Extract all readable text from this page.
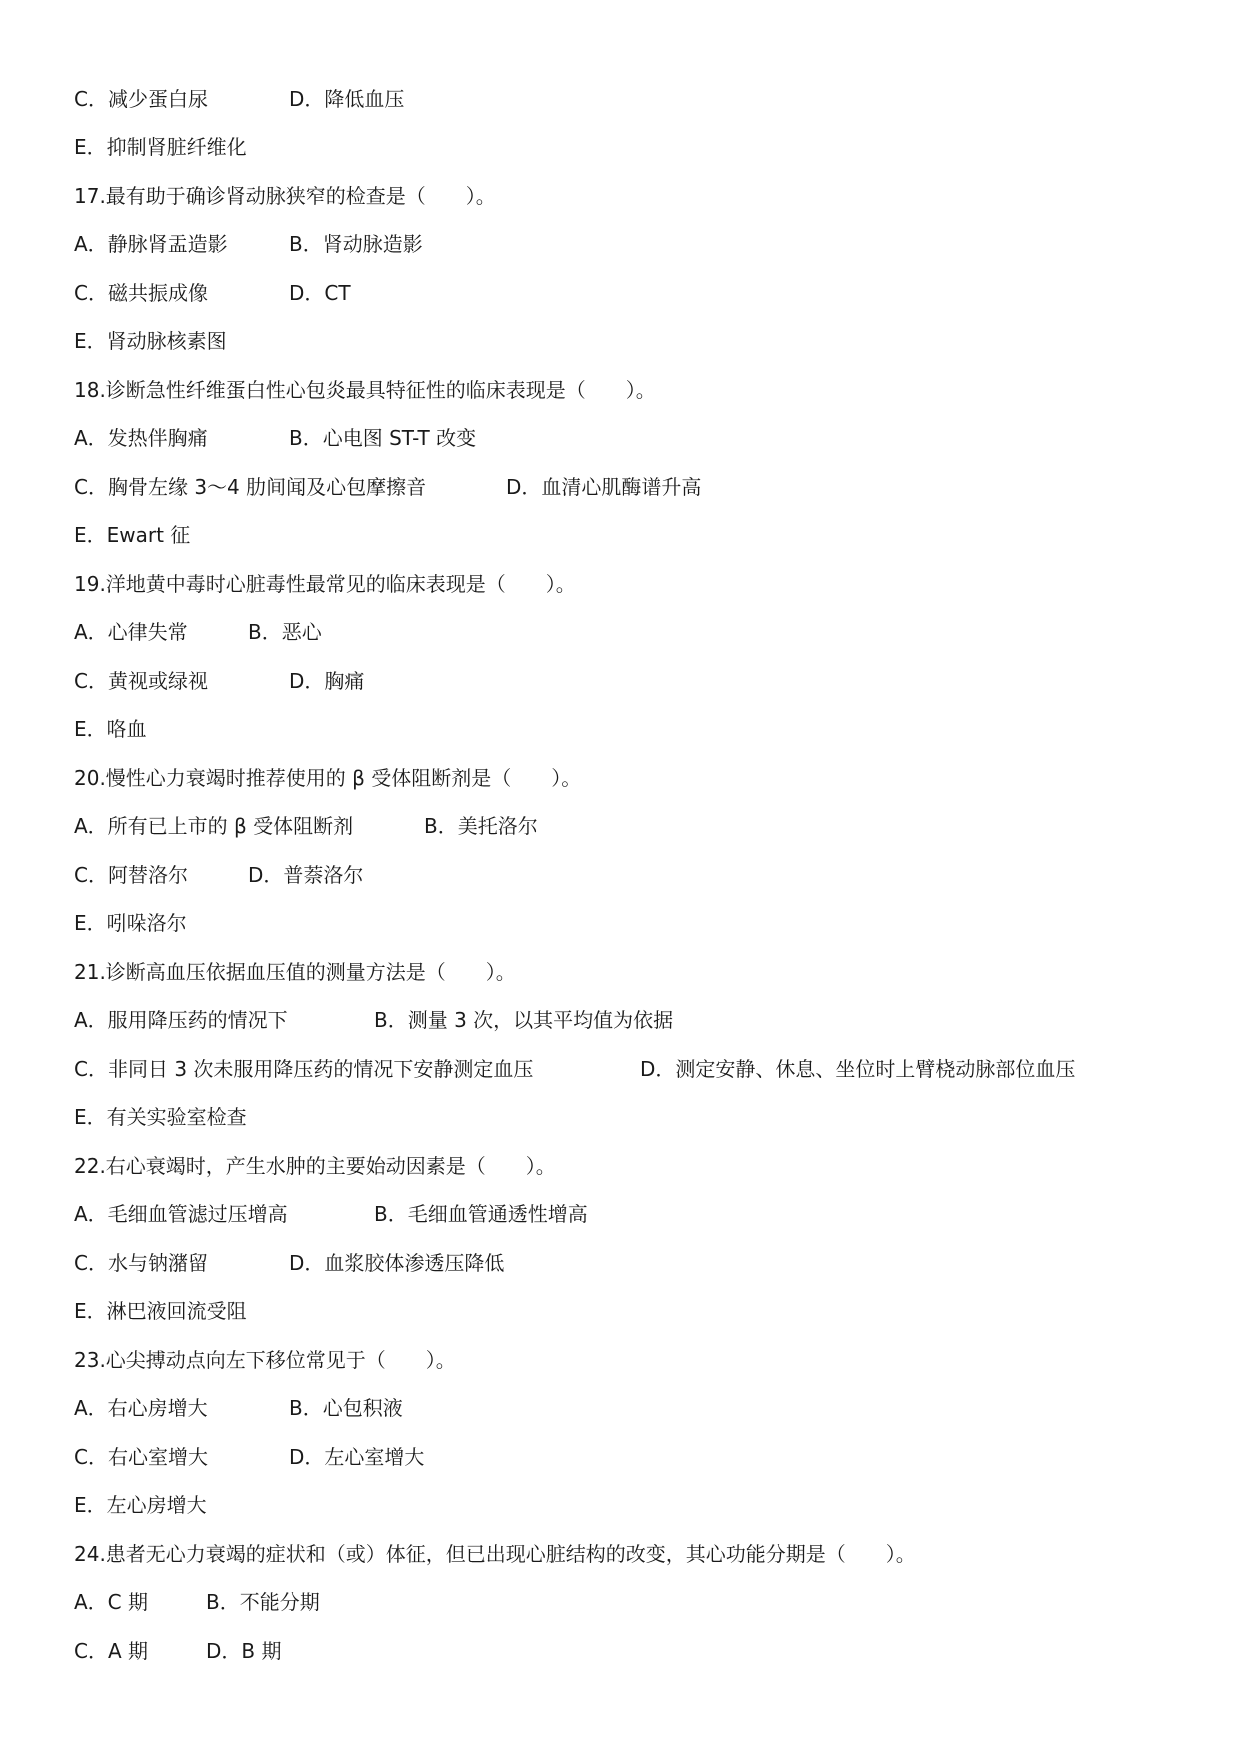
C．减少蛋白尿	D．降低血压
E．抑制肾脏纤维化
17.最有助于确诊肾动脉狭窄的检查是（　　）。
A．静脉肾盂造影	B．肾动脉造影
C．磁共振成像	D．CT
E．肾动脉核素图
18.诊断急性纤维蛋白性心包炎最具特征性的临床表现是（　　）。
A．发热伴胸痛	B．心电图 ST-T 改变
C．胸骨左缘 3～4 肋间闻及心包摩擦音	D．血清心肌酶谱升高
E．Ewart 征
19.洋地黄中毒时心脏毒性最常见的临床表现是（　　）。
A．心律失常	B．恶心
C．黄视或绿视	D．胸痛
E．咯血
20.慢性心力衰竭时推荐使用的 β 受体阻断剂是（　　）。
A．所有已上市的 β 受体阻断剂	B．美托洛尔
C．阿替洛尔	D．普萘洛尔
E．吲哚洛尔
21.诊断高血压依据血压值的测量方法是（　　）。
A．服用降压药的情况下	B．测量 3 次，以其平均值为依据
C．非同日 3 次未服用降压药的情况下安静测定血压	D．测定安静、休息、坐位时上臂桡动脉部位血压
E．有关实验室检查
22.右心衰竭时，产生水肿的主要始动因素是（　　）。
A．毛细血管滤过压增高	B．毛细血管通透性增高
C．水与钠潴留	D．血浆胶体渗透压降低
E．淋巴液回流受阻
23.心尖搏动点向左下移位常见于（　　）。
A．右心房增大	B．心包积液
C．右心室增大	D．左心室增大
E．左心房增大
24.患者无心力衰竭的症状和（或）体征，但已出现心脏结构的改变，其心功能分期是（　　）。
A．C 期	B．不能分期
C．A 期	D．B 期
